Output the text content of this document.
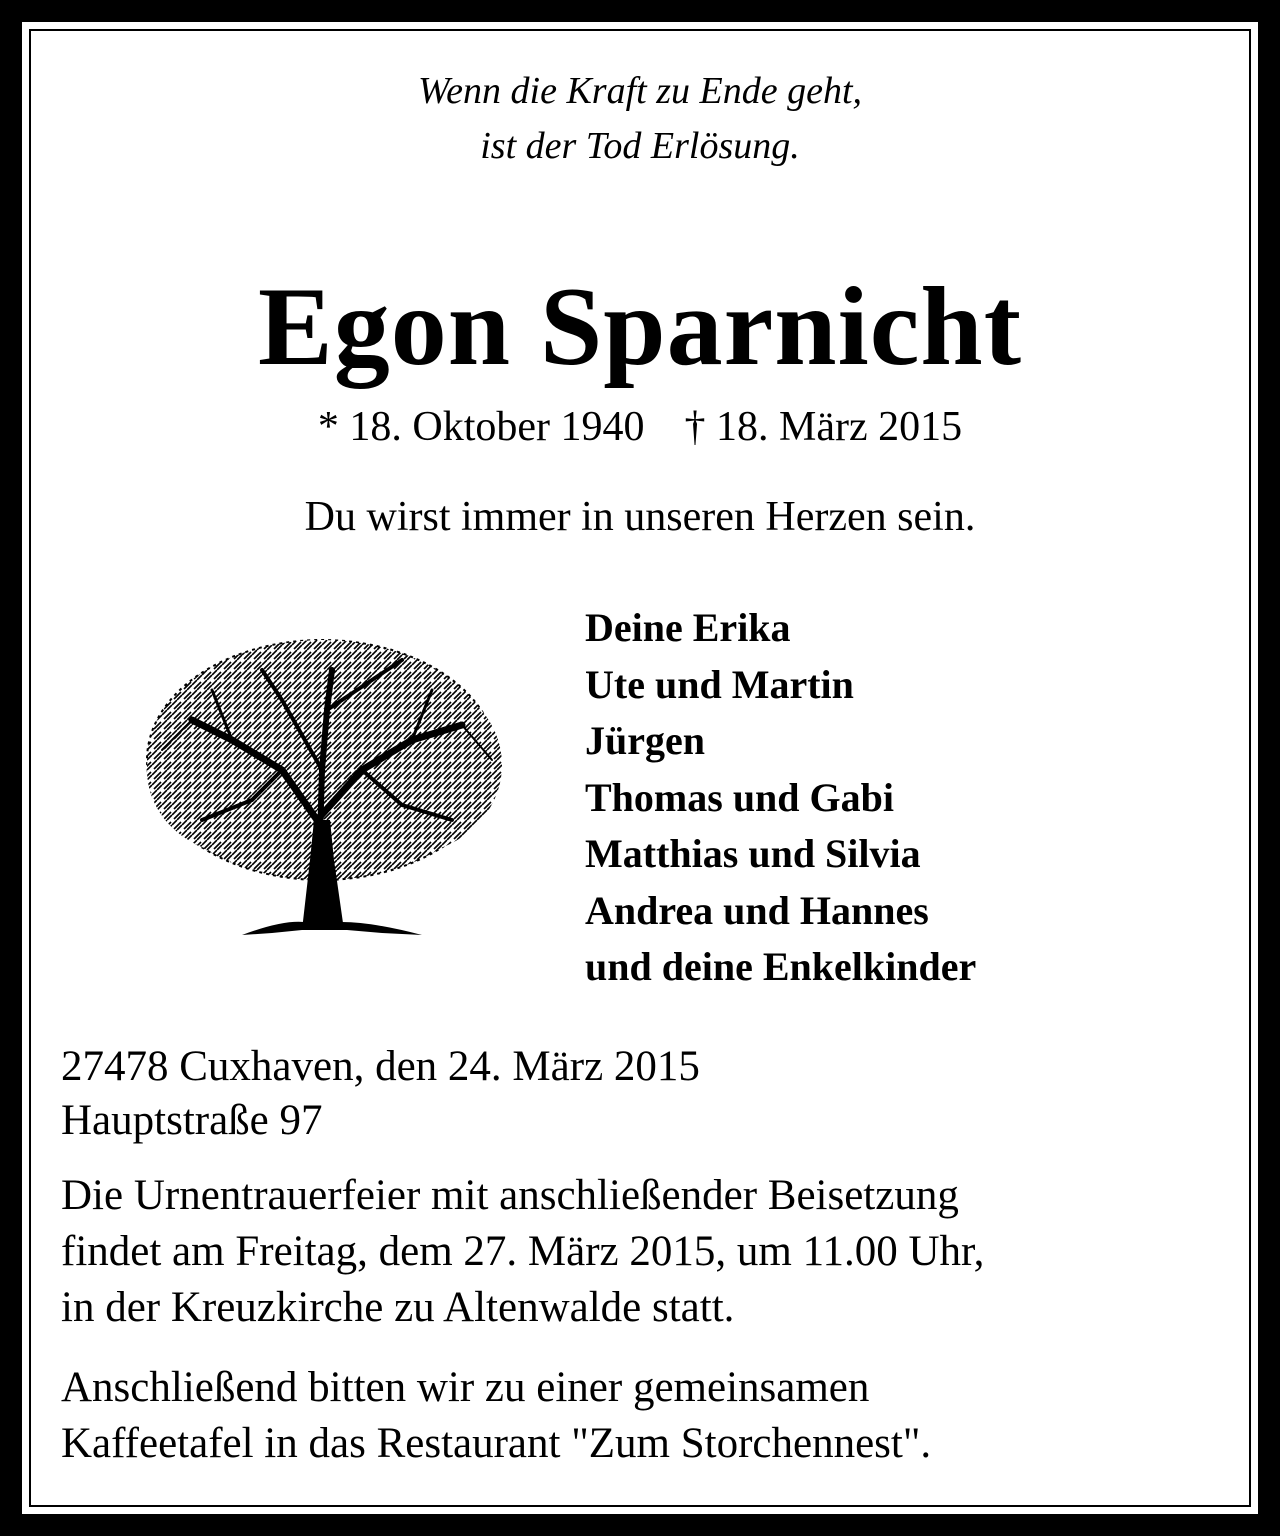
Wenn die Kraft zu Ende geht,
ist der Tod Erlösung.
Egon Sparnicht
* 18. Oktober 1940 † 18. März 2015
Du wirst immer in unseren Herzen sein.
Deine Erika
Ute und Martin
Jürgen
Thomas und Gabi
Matthias und Silvia
Andrea und Hannes
und deine Enkelkinder
27478 Cuxhaven, den 24. März 2015
Hauptstraße 97
Die Urnentrauerfeier mit anschließender Beisetzung
findet am Freitag, dem 27. März 2015, um 11.00 Uhr,
in der Kreuzkirche zu Altenwalde statt.
Anschließend bitten wir zu einer gemeinsamen
Kaffeetafel in das Restaurant "Zum Storchennest".
